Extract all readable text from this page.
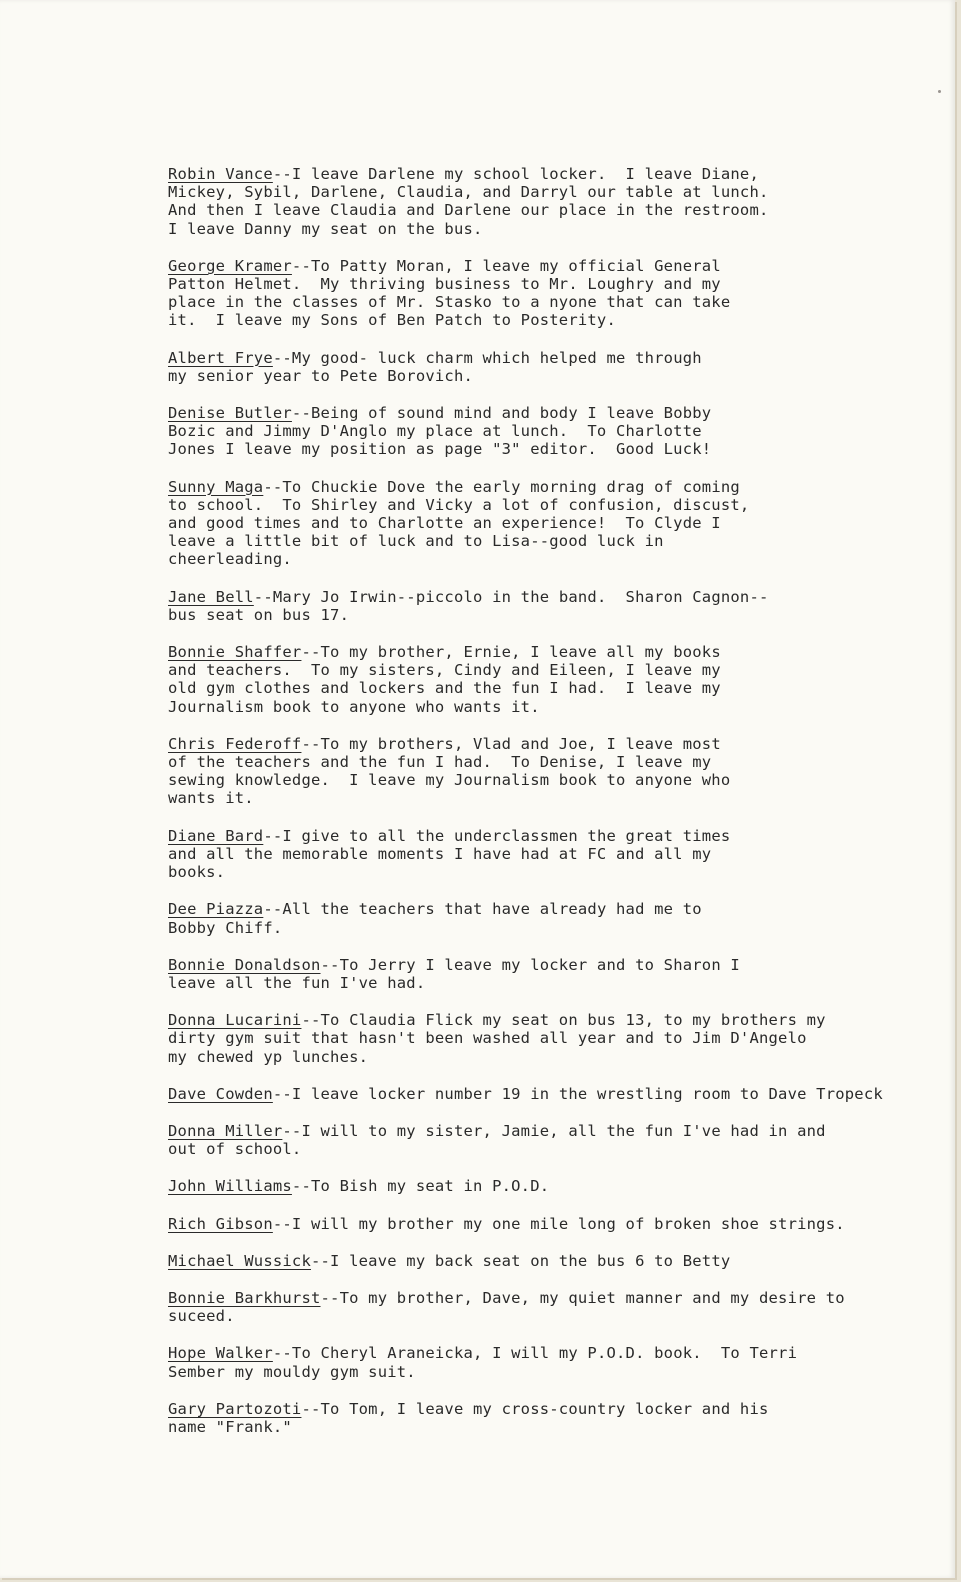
Robin Vance--I leave Darlene my school locker.  I leave Diane,
Mickey, Sybil, Darlene, Claudia, and Darryl our table at lunch.
And then I leave Claudia and Darlene our place in the restroom.
I leave Danny my seat on the bus.

George Kramer--To Patty Moran, I leave my official General
Patton Helmet.  My thriving business to Mr. Loughry and my
place in the classes of Mr. Stasko to a nyone that can take
it.  I leave my Sons of Ben Patch to Posterity.

Albert Frye--My good- luck charm which helped me through
my senior year to Pete Borovich.

Denise Butler--Being of sound mind and body I leave Bobby
Bozic and Jimmy D'Anglo my place at lunch.  To Charlotte
Jones I leave my position as page "3" editor.  Good Luck!

Sunny Maga--To Chuckie Dove the early morning drag of coming
to school.  To Shirley and Vicky a lot of confusion, discust,
and good times and to Charlotte an experience!  To Clyde I
leave a little bit of luck and to Lisa--good luck in
cheerleading.

Jane Bell--Mary Jo Irwin--piccolo in the band.  Sharon Cagnon--
bus seat on bus 17.

Bonnie Shaffer--To my brother, Ernie, I leave all my books
and teachers.  To my sisters, Cindy and Eileen, I leave my
old gym clothes and lockers and the fun I had.  I leave my
Journalism book to anyone who wants it.

Chris Federoff--To my brothers, Vlad and Joe, I leave most
of the teachers and the fun I had.  To Denise, I leave my
sewing knowledge.  I leave my Journalism book to anyone who
wants it.

Diane Bard--I give to all the underclassmen the great times
and all the memorable moments I have had at FC and all my
books.

Dee Piazza--All the teachers that have already had me to
Bobby Chiff.

Bonnie Donaldson--To Jerry I leave my locker and to Sharon I
leave all the fun I've had.

Donna Lucarini--To Claudia Flick my seat on bus 13, to my brothers my
dirty gym suit that hasn't been washed all year and to Jim D'Angelo
my chewed yp lunches.

Dave Cowden--I leave locker number 19 in the wrestling room to Dave Tropeck

Donna Miller--I will to my sister, Jamie, all the fun I've had in and
out of school.

John Williams--To Bish my seat in P.O.D.

Rich Gibson--I will my brother my one mile long of broken shoe strings.

Michael Wussick--I leave my back seat on the bus 6 to Betty

Bonnie Barkhurst--To my brother, Dave, my quiet manner and my desire to
suceed.

Hope Walker--To Cheryl Araneicka, I will my P.O.D. book.  To Terri
Sember my mouldy gym suit.

Gary Partozoti--To Tom, I leave my cross-country locker and his
name "Frank."
